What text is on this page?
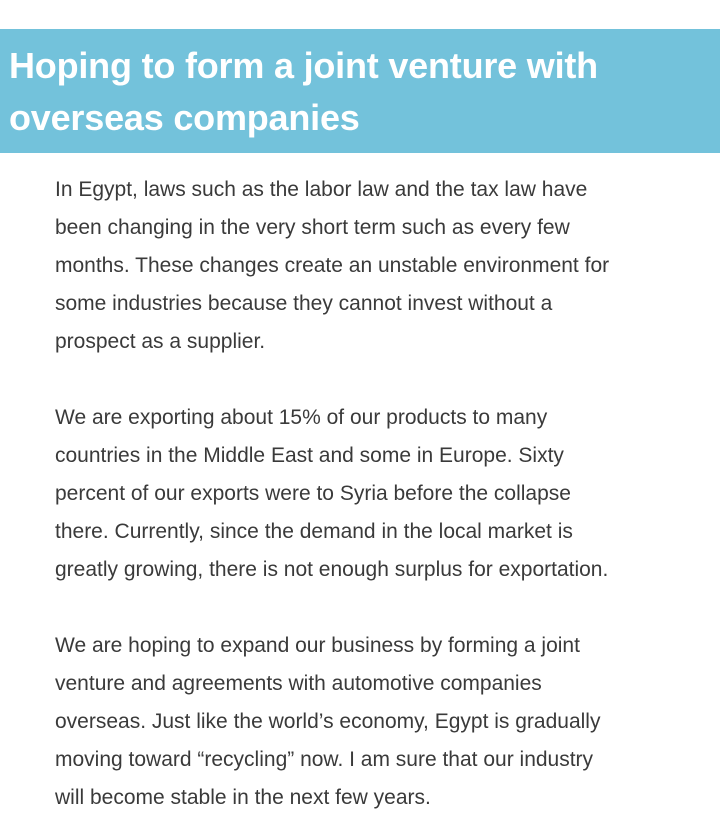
Hoping to form a joint venture with
overseas companies

In Egypt, laws such as the labor law and the tax law have
been changing in the very short term such as every few
months. These changes create an unstable environment for
some industries because they cannot invest without a
prospect as a supplier.

We are exporting about 15% of our products to many
countries in the Middle East and some in Europe. Sixty
percent of our exports were to Syria before the collapse
there. Currently, since the demand in the local market is
greatly growing, there is not enough surplus for exportation.

We are hoping to expand our business by forming a joint
venture and agreements with automotive companies
overseas. Just like the world’s economy, Egypt is gradually
moving toward “recycling” now. I am sure that our industry
will become stable in the next few years.
